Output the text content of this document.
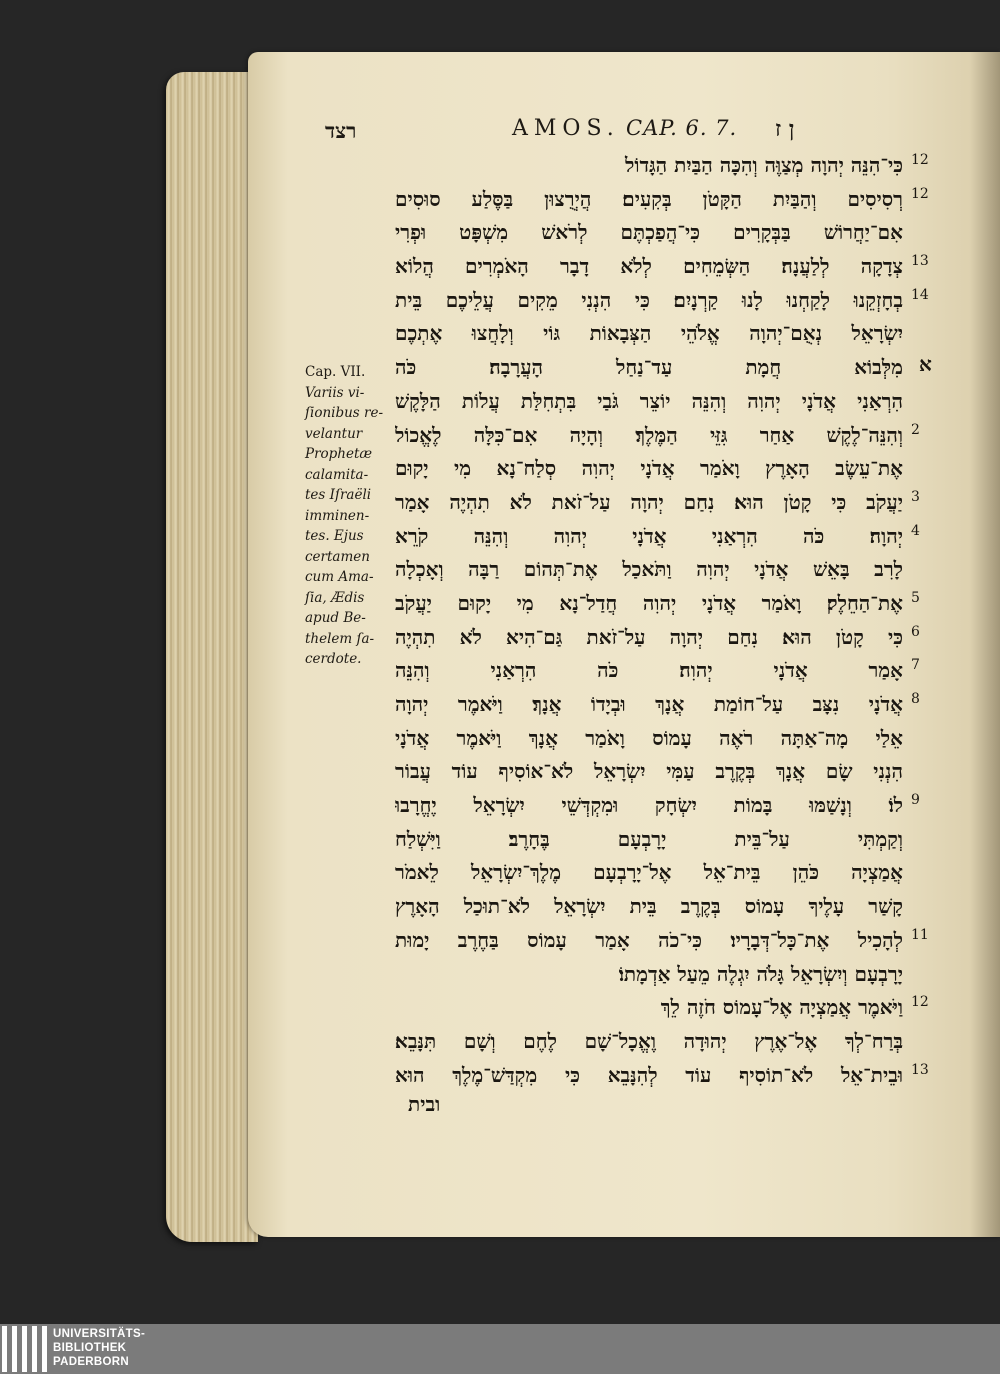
רצד	AMOS. CAP. 6. 7. ן ז
Cap. VII.
Variis vi-
ſionibus re-
velantur
Prophetæ
calamita-
tes Iſraëli
imminen-
tes. Ejus
certamen
cum Ama-
ſia, Ædis
apud Be-
thelem ſa-
cerdote.
כִּי־הִנֵּה יְהוָה מְצַוֶּה וְהִכָּה הַבַּיִת הַגָּדוֹל 12
רְסִיסִים וְהַבַּיִת הַקָּטֹן בְּקִעִים׃ הֲיְרֻצוּן בַּסֶּלַע סוּסִים 12
אִם־יַחֲרוֹשׁ בַּבְּקָרִים כִּי־הֲפַכְתֶּם לְרֹאשׁ מִשְׁפָּט וּפְרִי
צְדָקָה לְלַעֲנָה׃ הַשְּׂמֵחִים לְלֹא דָבָר הָאֹמְרִים הֲלוֹא 13
בְחָזְקֵנוּ לָקַחְנוּ לָנוּ קַרְנָיִם׃ כִּי הִנְנִי מֵקִים עֲלֵיכֶם בֵּית 14
יִשְׂרָאֵל נְאֻם־יְהוָה אֱלֹהֵי הַצְּבָאוֹת גּוֹי וְלָחֲצוּ אֶתְכֶם
מִלְּבוֹא חֲמָת עַד־נַחַל הָעֲרָבָה׃ כֹּה א
הִרְאַנִי אֲדֹנָי יְהוִה וְהִנֵּה יוֹצֵר גֹּבַי בִּתְחִלַּת עֲלוֹת הַלָּקֶשׁ
וְהִנֵּה־לֶקֶשׁ אַחַר גִּזֵּי הַמֶּלֶךְ׃ וְהָיָה אִם־כִּלָּה לֶאֱכוֹל 2
אֶת־עֵשֶׂב הָאָרֶץ וָאֹמַר אֲדֹנָי יְהוִה סְלַח־נָא מִי יָקוּם
יַעֲקֹב כִּי קָטֹן הוּא׃ נִחַם יְהוָה עַל־זֹאת לֹא תִהְיֶה אָמַר 3
יְהוָה׃ כֹּה הִרְאַנִי אֲדֹנָי יְהוִה וְהִנֵּה קֹרֵא 4
לָרִב בָּאֵשׁ אֲדֹנָי יְהוִה וַתֹּאכַל אֶת־תְּהוֹם רַבָּה וְאָכְלָה
אֶת־הַחֵלֶק׃ וָאֹמַר אֲדֹנָי יְהוִה חֲדַל־נָא מִי יָקוּם יַעֲקֹב 5
כִּי קָטֹן הוּא׃ נִחַם יְהוָה עַל־זֹאת גַּם־הִיא לֹא תִהְיֶה 6
אָמַר אֲדֹנָי יְהוִה׃ כֹּה הִרְאַנִי וְהִנֵּה 7
אֲדֹנָי נִצָּב עַל־חוֹמַת אֲנָךְ וּבְיָדוֹ אֲנָךְ׃ וַיֹּאמֶר יְהוָה 8
אֵלַי מָה־אַתָּה רֹאֶה עָמוֹס וָאֹמַר אֲנָךְ וַיֹּאמֶר אֲדֹנָי
הִנְנִי שָׂם אֲנָךְ בְּקֶרֶב עַמִּי יִשְׂרָאֵל לֹא־אוֹסִיף עוֹד עֲבוֹר
לוֹ׃ וְנָשַׁמּוּ בָּמוֹת יִשְׂחָק וּמִקְדְּשֵׁי יִשְׂרָאֵל יֶחֱרָבוּ 9
וְקַמְתִּי עַל־בֵּית יָרָבְעָם בֶּחָרֶב׃ וַיִּשְׁלַח
אֲמַצְיָה כֹּהֵן בֵּית־אֵל אֶל־יָרָבְעָם מֶלֶךְ־יִשְׂרָאֵל לֵאמֹר
קָשַׁר עָלֶיךָ עָמוֹס בְּקֶרֶב בֵּית יִשְׂרָאֵל לֹא־תוּכַל הָאָרֶץ
לְהָכִיל אֶת־כָּל־דְּבָרָיו׃ כִּי־כֹה אָמַר עָמוֹס בַּחֶרֶב יָמוּת 11
יָרָבְעָם וְיִשְׂרָאֵל גָּלֹה יִגְלֶה מֵעַל אַדְמָתוֹ׃
וַיֹּאמֶר אֲמַצְיָה אֶל־עָמוֹס חֹזֶה לֵךְ 12
בְּרַח־לְךָ אֶל־אֶרֶץ יְהוּדָה וֶאֱכָל־שָׁם לֶחֶם וְשָׁם תִּנָּבֵא׃
וּבֵית־אֵל לֹא־תוֹסִיף עוֹד לְהִנָּבֵא כִּי מִקְדַּשׁ־מֶלֶךְ הוּא 13
ובית
UNIVERSITÄTS-
BIBLIOTHEK
PADERBORN
